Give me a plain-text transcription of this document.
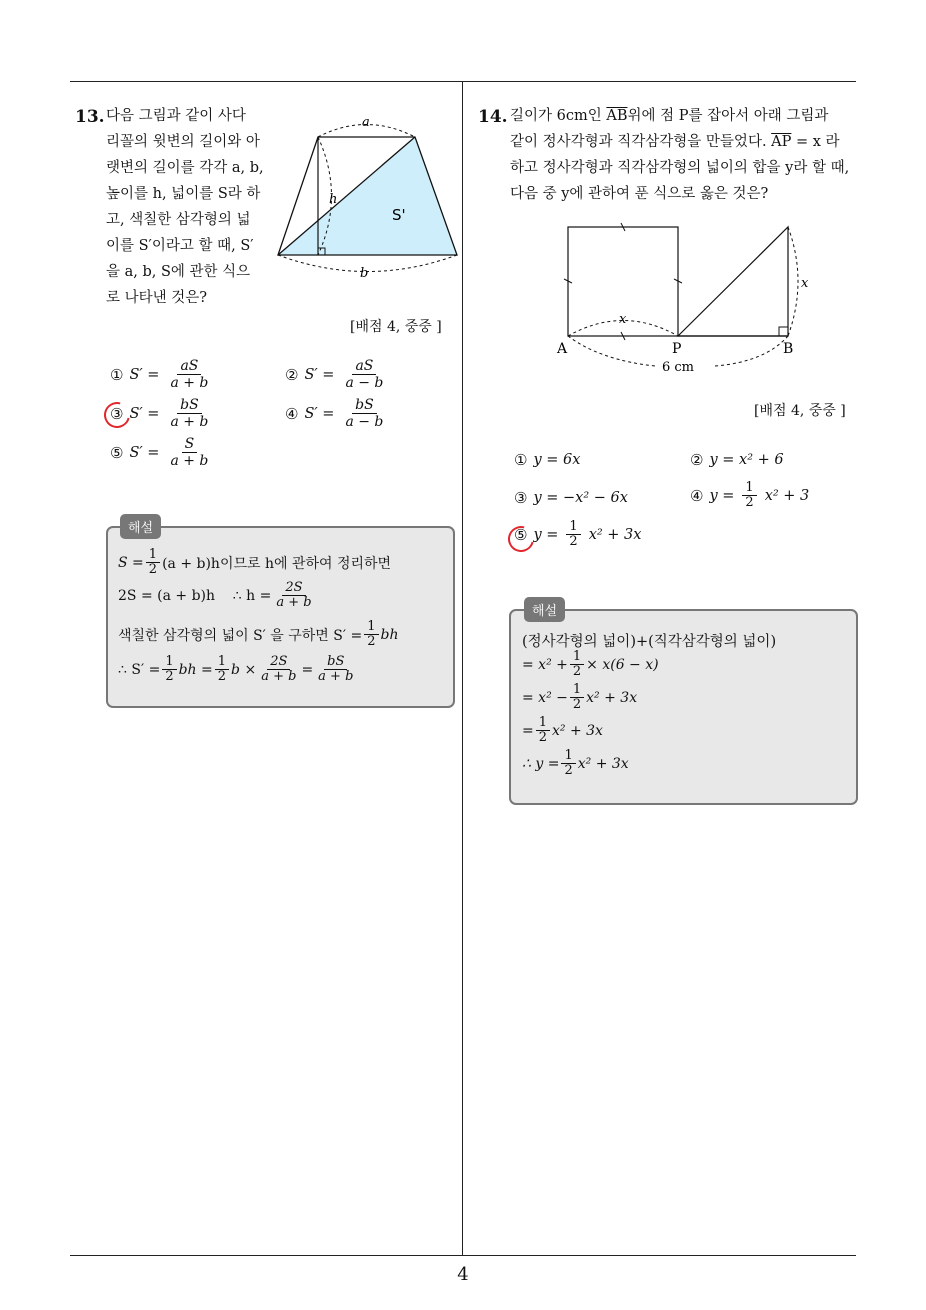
13. 다음 그림과 같이 사다
리꼴의 윗변의 길이와 아
랫변의 길이를 각각 a, b,
높이를 h, 넓이를 S라 하
고, 색칠한 삼각형의 넓
이를 S′이라고 할 때, S′
을 a, b, S에 관한 식으
로 나타낸 것은?
a
b
h
S'
[배점 4, 중중 ]
① $S' = \frac{aS}{a + b}$	② $S' = \frac{aS}{a - b}$
③ $S' = \frac{bS}{a + b}$	④ $S' = \frac{bS}{a - b}$
⑤ $S' = \frac{S}{a + b}$
해설
$S = \frac{1}{2} (a + b)h$이므로 h에 관하여 정리하면
2S = (a + b)h    ∴ $h = \frac{2S}{a + b}$
색칠한 삼각형의 넓이 S′ 을 구하면 $S' = \frac{1}{2}$ bh
∴ $S' = \frac{1}{2}$ bh = $\frac{1}{2}$ $b \times \frac{2S}{a + b} = \frac{bS}{a + b}$
14. 길이가 6cm인 $\overline{AB}$위에 점 P를 잡아서 아래 그림과
같이 정사각형과 직각삼각형을 만들었다. $\overline{AP} = x$ 라
하고 정사각형과 직각삼각형의 넓이의 합을 y라 할 때,
다음 중 y에 관하여 푼 식으로 옳은 것은?
x
x
A	P	B
6 cm
[배점 4, 중중 ]
① y = 6x	② y = x² + 6
③ y = −x² − 6x	④ $y = \frac{1}{2} x^2 + 3$
⑤ $y = \frac{1}{2} x^2 + 3x$
해설
(정사각형의 넓이)+(직각삼각형의 넓이)
= $x^2 + \frac{1}{2} \times x(6 - x)$
= $x^2 - \frac{1}{2} x^2 + 3x$
= $\frac{1}{2} x^2 + 3x$
∴ $y = \frac{1}{2} x^2 + 3x$
4
